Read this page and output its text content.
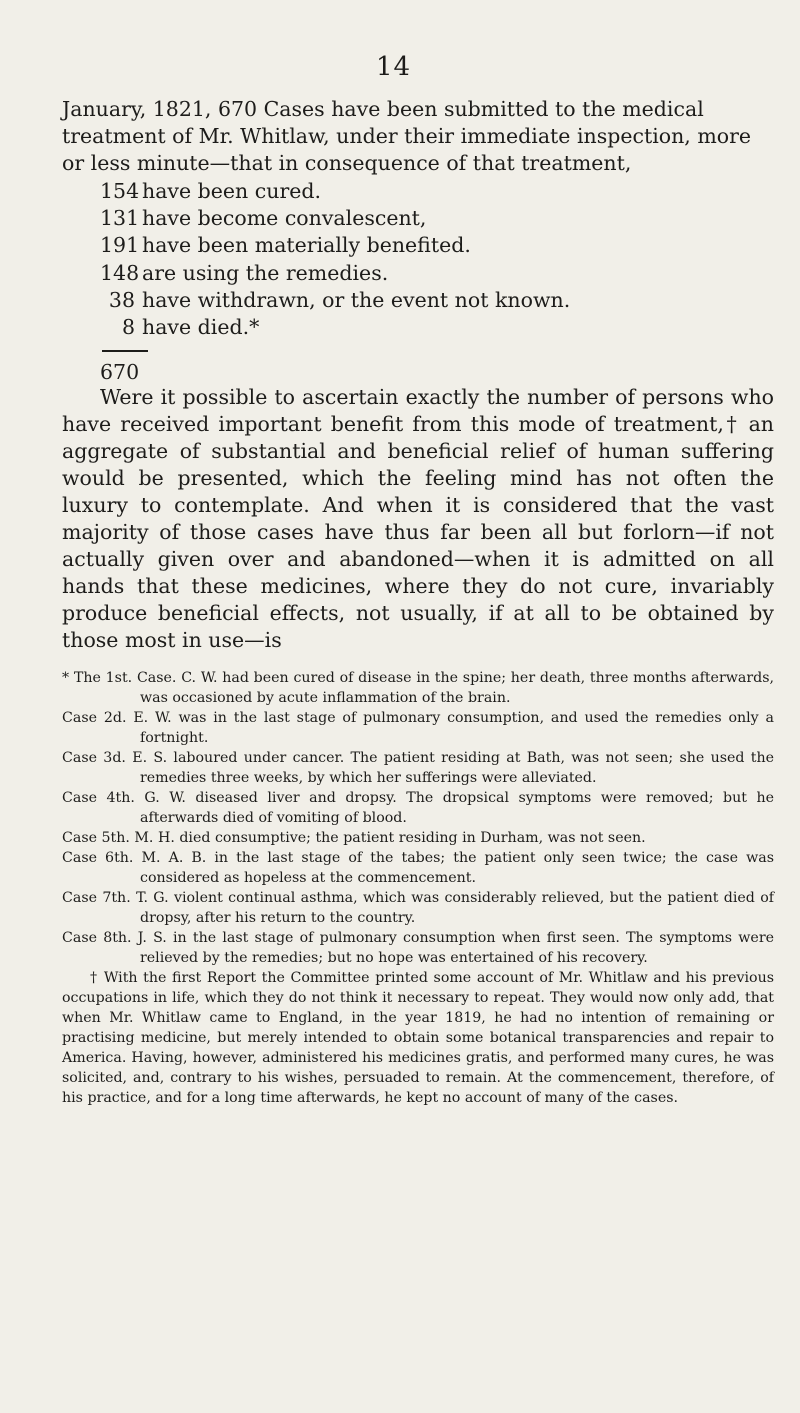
14

January, 1821, 670 Cases have been submitted to the medical treatment of Mr. Whitlaw, under their immediate inspection, more or less minute—that in consequence of that treatment,

154 have been cured.
131 have become convalescent,
191 have been materially benefited.
148 are using the remedies.
38 have withdrawn, or the event not known.
8 have died.*
670

Were it possible to ascertain exactly the number of persons who have received important benefit from this mode of treatment,† an aggregate of substantial and beneficial relief of human suffering would be presented, which the feeling mind has not often the luxury to contemplate. And when it is considered that the vast majority of those cases have thus far been all but forlorn—if not actually given over and abandoned—when it is admitted on all hands that these medicines, where they do not cure, invariably produce beneficial effects, not usually, if at all to be obtained by those most in use—is

* The 1st. Case. C. W. had been cured of disease in the spine; her death, three months afterwards, was occasioned by acute inflammation of the brain.

Case 2d. E. W. was in the last stage of pulmonary consumption, and used the remedies only a fortnight.

Case 3d. E. S. laboured under cancer. The patient residing at Bath, was not seen; she used the remedies three weeks, by which her sufferings were alleviated.

Case 4th. G. W. diseased liver and dropsy. The dropsical symptoms were removed; but he afterwards died of vomiting of blood.

Case 5th. M. H. died consumptive; the patient residing in Durham, was not seen.

Case 6th. M. A. B. in the last stage of the tabes; the patient only seen twice; the case was considered as hopeless at the commencement.

Case 7th. T. G. violent continual asthma, which was considerably relieved, but the patient died of dropsy, after his return to the country.

Case 8th. J. S. in the last stage of pulmonary consumption when first seen. The symptoms were relieved by the remedies; but no hope was entertained of his recovery.

† With the first Report the Committee printed some account of Mr. Whitlaw and his previous occupations in life, which they do not think it necessary to repeat. They would now only add, that when Mr. Whitlaw came to England, in the year 1819, he had no intention of remaining or practising medicine, but merely intended to obtain some botanical transparencies and repair to America. Having, however, administered his medicines gratis, and performed many cures, he was solicited, and, contrary to his wishes, persuaded to remain. At the commencement, therefore, of his practice, and for a long time afterwards, he kept no account of many of the cases.
